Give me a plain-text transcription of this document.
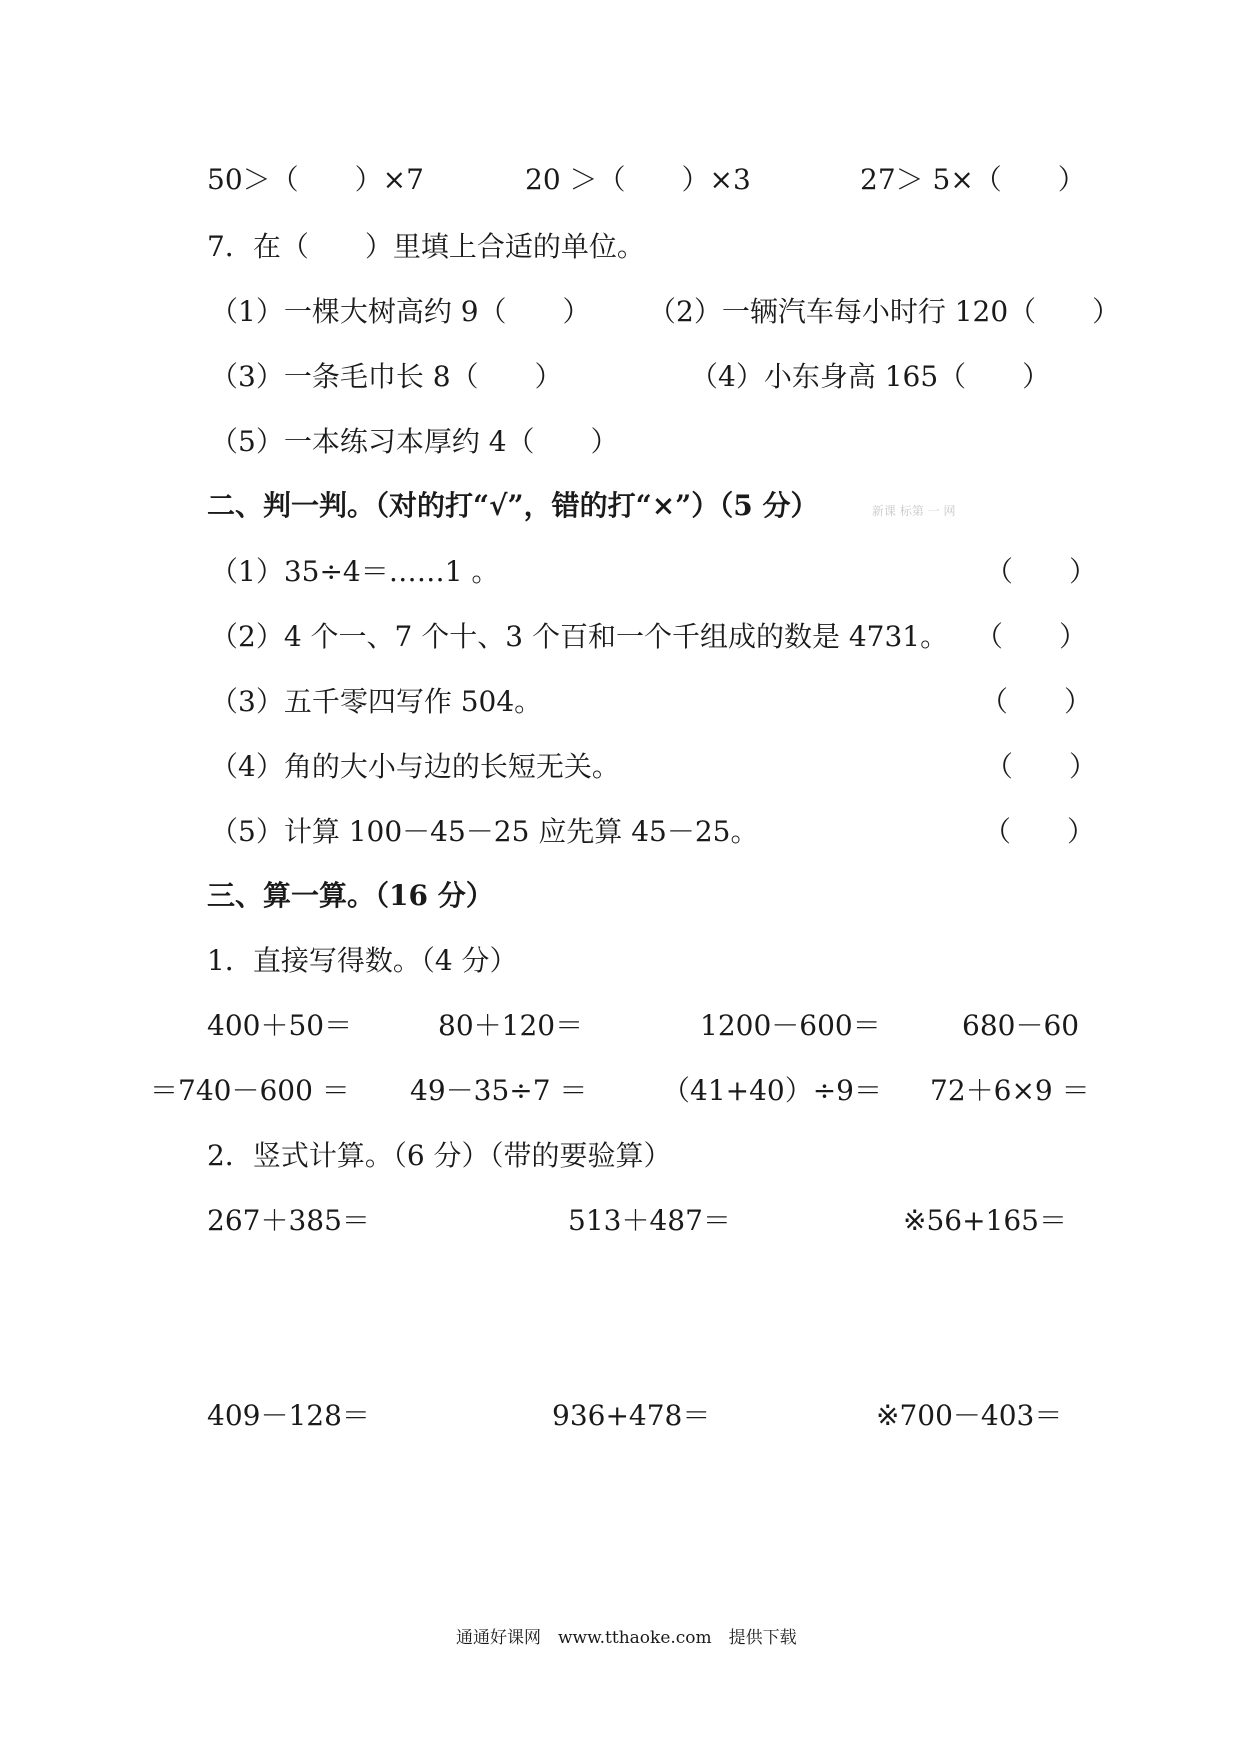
50＞（　　）×7	20 ＞（　　）×3	27＞ 5×（　　）
7．在（　　）里填上合适的单位。
（1）一棵大树高约 9（　　） （2）一辆汽车每小时行 120（　　）
（3）一条毛巾长 8（　　）	（4）小东身高 165（　　）
（5）一本练习本厚约 4（　　）
二、判一判。（对的打“√”，错的打“×”）（5 分）	新课 标第 一 网
（1）35÷4＝……1 。	（　　）
（2）4 个一、7 个十、3 个百和一个千组成的数是 4731。 （　　）
（3）五千零四写作 504。	（　　）
（4）角的大小与边的长短无关。	（　　）
（5）计算 100－45－25 应先算 45－25。	（　　）
三、算一算。（16 分）
1．直接写得数。（4 分）
400＋50＝	80＋120＝	1200－600＝	680－60
＝740－600 ＝ 49－35÷7 ＝	（41+40）÷9＝ 72＋6×9 ＝
2．竖式计算。（6 分）（带的要验算）
267＋385＝	513＋487＝	※56+165＝
409－128＝	936+478＝	※700－403＝
通通好课网　www.tthaoke.com　提供下载
